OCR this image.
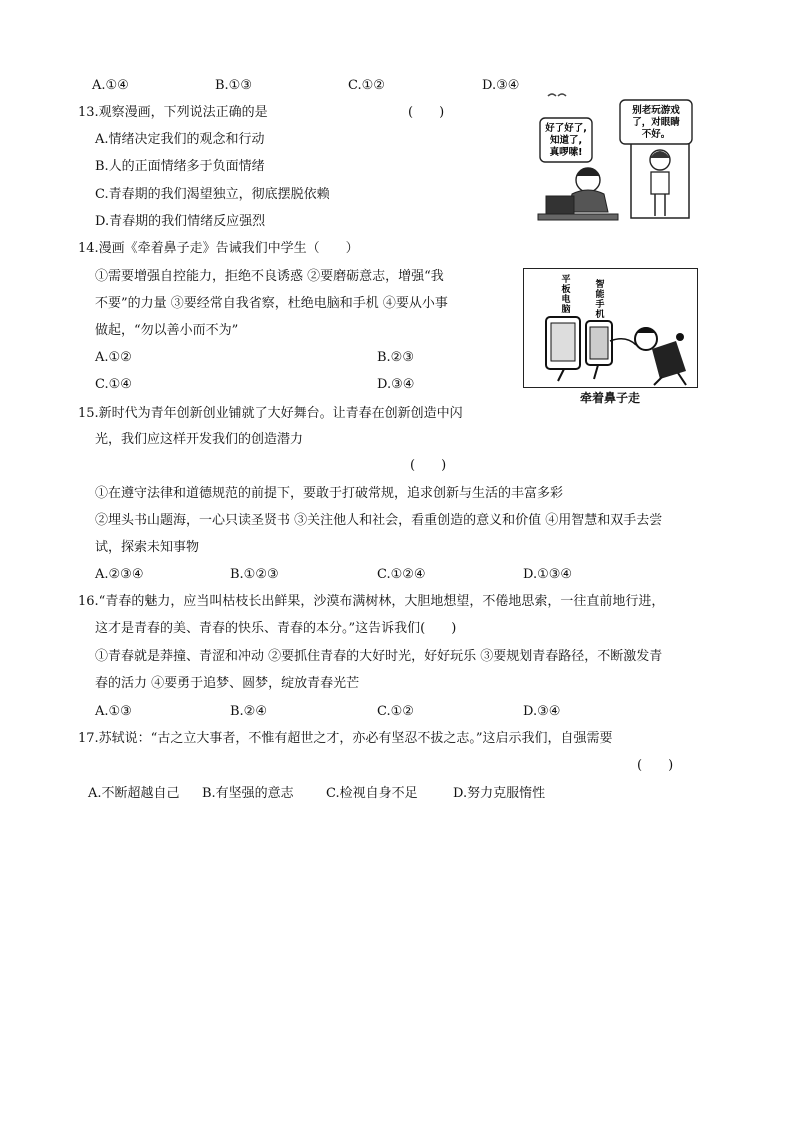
A.①④	B.①③	C.①②	D.③④
13.观察漫画，下列说法正确的是	(　　)
A.情绪决定我们的观念和行动
B.人的正面情绪多于负面情绪
C.青春期的我们渴望独立，彻底摆脱依赖
D.青春期的我们情绪反应强烈
别老玩游戏
了，对眼睛
不好。
好了好了,
知道了,
真啰嗦!
14.漫画《牵着鼻子走》告诫我们中学生（　　）
①需要增强自控能力，拒绝不良诱惑 ②要磨砺意志，增强“我
不要”的力量 ③要经常自我省察，杜绝电脑和手机 ④要从小事
做起，“勿以善小而不为”
A.①②	B.②③
C.①④	D.③④
平
板
电
脑
智
能
手
机
牵着鼻子走
15.新时代为青年创新创业铺就了大好舞台。让青春在创新创造中闪
光，我们应这样开发我们的创造潜力
(　　)
①在遵守法律和道德规范的前提下，要敢于打破常规，追求创新与生活的丰富多彩
②埋头书山题海，一心只读圣贤书 ③关注他人和社会，看重创造的意义和价值 ④用智慧和双手去尝
试，探索未知事物
A.②③④	B.①②③	C.①②④	D.①③④
16.“青春的魅力，应当叫枯枝长出鲜果，沙漠布满树林，大胆地想望，不倦地思索，一往直前地行进，
这才是青春的美、青春的快乐、青春的本分。”这告诉我们(　　)
①青春就是莽撞、青涩和冲动 ②要抓住青春的大好时光，好好玩乐 ③要规划青春路径，不断激发青
春的活力 ④要勇于追梦、圆梦，绽放青春光芒
A.①③	B.②④	C.①②	D.③④
17.苏轼说：“古之立大事者，不惟有超世之才，亦必有坚忍不拔之志。”这启示我们，自强需要
(　　)
A.不断超越自己 B.有坚强的意志 C.检视自身不足	D.努力克服惰性
